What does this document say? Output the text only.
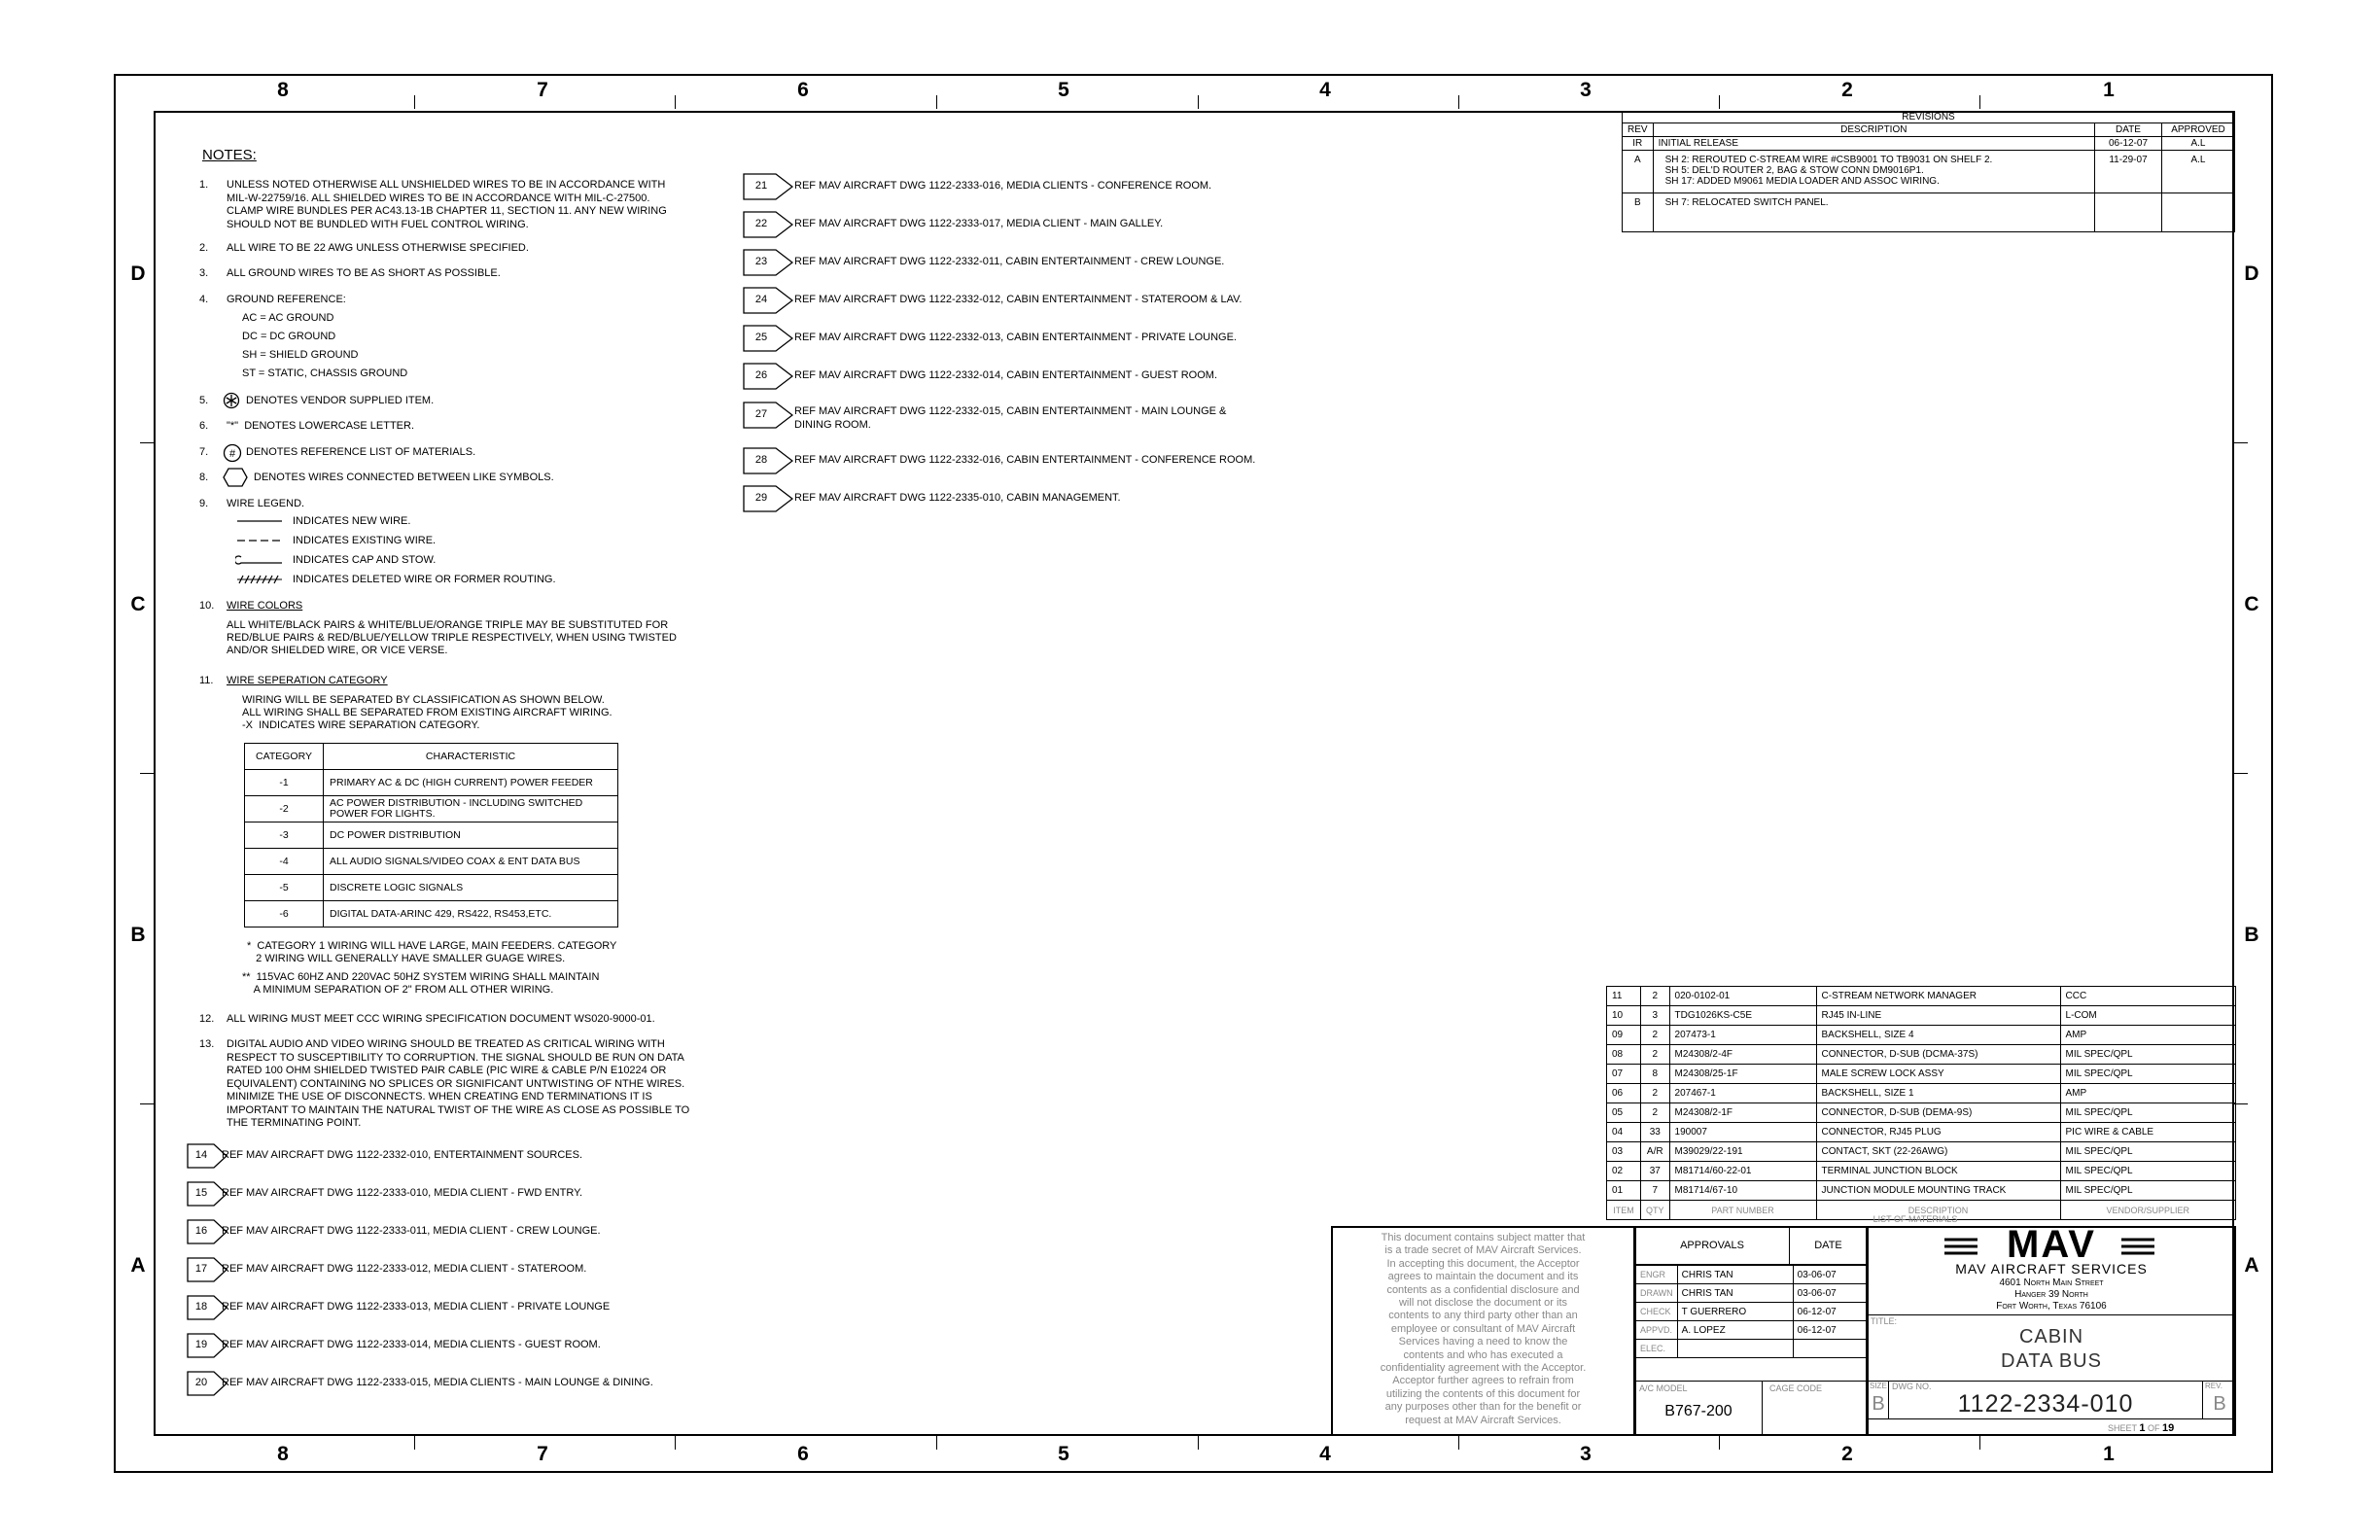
8	7	6	5	4	3	2	1
8	7	6	5	4	3	2	1
D	D
C	C
B	B
A	A
NOTES:
1.	UNLESS NOTED OTHERWISE ALL UNSHIELDED WIRES TO BE IN ACCORDANCE WITH
MIL-W-22759/16. ALL SHIELDED WIRES TO BE IN ACCORDANCE WITH MIL-C-27500.
CLAMP WIRE BUNDLES PER AC43.13-1B CHAPTER 11, SECTION 11. ANY NEW WIRING
SHOULD NOT BE BUNDLED WITH FUEL CONTROL WIRING.
2.	ALL WIRE TO BE 22 AWG UNLESS OTHERWISE SPECIFIED.
3.	ALL GROUND WIRES TO BE AS SHORT AS POSSIBLE.
4.	GROUND REFERENCE:
AC = AC GROUND
DC = DC GROUND
SH = SHIELD GROUND
ST = STATIC, CHASSIS GROUND
5.	DENOTES VENDOR SUPPLIED ITEM.
6.	"*"  DENOTES LOWERCASE LETTER.
7.	# DENOTES REFERENCE LIST OF MATERIALS.
8.	DENOTES WIRES CONNECTED BETWEEN LIKE SYMBOLS.
9.	WIRE LEGEND.
INDICATES NEW WIRE.
INDICATES EXISTING WIRE.
INDICATES CAP AND STOW.
INDICATES DELETED WIRE OR FORMER ROUTING.
10.	WIRE COLORS
ALL WHITE/BLACK PAIRS & WHITE/BLUE/ORANGE TRIPLE MAY BE SUBSTITUTED FOR
RED/BLUE PAIRS & RED/BLUE/YELLOW TRIPLE RESPECTIVELY, WHEN USING TWISTED
AND/OR SHIELDED WIRE, OR VICE VERSE.
11.	WIRE SEPERATION CATEGORY
WIRING WILL BE SEPARATED BY CLASSIFICATION AS SHOWN BELOW.
ALL WIRING SHALL BE SEPARATED FROM EXISTING AIRCRAFT WIRING.
-X  INDICATES WIRE SEPARATION CATEGORY.
CATEGORY	CHARACTERISTIC
-1	PRIMARY AC & DC (HIGH CURRENT) POWER FEEDER
-2	AC POWER DISTRIBUTION - INCLUDING SWITCHED
POWER FOR LIGHTS.
-3	DC POWER DISTRIBUTION
-4	ALL AUDIO SIGNALS/VIDEO COAX & ENT DATA BUS
-5	DISCRETE LOGIC SIGNALS
-6	DIGITAL DATA-ARINC 429, RS422, RS453,ETC.
*  CATEGORY 1 WIRING WILL HAVE LARGE, MAIN FEEDERS. CATEGORY
2 WIRING WILL GENERALLY HAVE SMALLER GUAGE WIRES.
**  115VAC 60HZ AND 220VAC 50HZ SYSTEM WIRING SHALL MAINTAIN
A MINIMUM SEPARATION OF 2" FROM ALL OTHER WIRING.
12.	ALL WIRING MUST MEET CCC WIRING SPECIFICATION DOCUMENT WS020-9000-01.
13.	DIGITAL AUDIO AND VIDEO WIRING SHOULD BE TREATED AS CRITICAL WIRING WITH
RESPECT TO SUSCEPTIBILITY TO CORRUPTION. THE SIGNAL SHOULD BE RUN ON DATA
RATED 100 OHM SHIELDED TWISTED PAIR CABLE (PIC WIRE & CABLE P/N E10224 OR
EQUIVALENT) CONTAINING NO SPLICES OR SIGNIFICANT UNTWISTING OF NTHE WIRES.
MINIMIZE THE USE OF DISCONNECTS. WHEN CREATING END TERMINATIONS IT IS
IMPORTANT TO MAINTAIN THE NATURAL TWIST OF THE WIRE AS CLOSE AS POSSIBLE TO
THE TERMINATING POINT.
14	REF MAV AIRCRAFT DWG 1122-2332-010, ENTERTAINMENT SOURCES.
15	REF MAV AIRCRAFT DWG 1122-2333-010, MEDIA CLIENT - FWD ENTRY.
16	REF MAV AIRCRAFT DWG 1122-2333-011, MEDIA CLIENT - CREW LOUNGE.
17	REF MAV AIRCRAFT DWG 1122-2333-012, MEDIA CLIENT - STATEROOM.
18	REF MAV AIRCRAFT DWG 1122-2333-013, MEDIA CLIENT - PRIVATE LOUNGE
19	REF MAV AIRCRAFT DWG 1122-2333-014, MEDIA CLIENTS - GUEST ROOM.
20	REF MAV AIRCRAFT DWG 1122-2333-015, MEDIA CLIENTS - MAIN LOUNGE & DINING.
21	REF MAV AIRCRAFT DWG 1122-2333-016, MEDIA CLIENTS - CONFERENCE ROOM.
22	REF MAV AIRCRAFT DWG 1122-2333-017, MEDIA CLIENT - MAIN GALLEY.
23	REF MAV AIRCRAFT DWG 1122-2332-011, CABIN ENTERTAINMENT - CREW LOUNGE.
24	REF MAV AIRCRAFT DWG 1122-2332-012, CABIN ENTERTAINMENT - STATEROOM & LAV.
25	REF MAV AIRCRAFT DWG 1122-2332-013, CABIN ENTERTAINMENT - PRIVATE LOUNGE.
26	REF MAV AIRCRAFT DWG 1122-2332-014, CABIN ENTERTAINMENT - GUEST ROOM.
27	REF MAV AIRCRAFT DWG 1122-2332-015, CABIN ENTERTAINMENT - MAIN LOUNGE &
DINING ROOM.
28	REF MAV AIRCRAFT DWG 1122-2332-016, CABIN ENTERTAINMENT - CONFERENCE ROOM.
29	REF MAV AIRCRAFT DWG 1122-2335-010, CABIN MANAGEMENT.
REVISIONS			
REV	DESCRIPTION	DATE	APPROVED
IR	INITIAL RELEASE	06-12-07	A.L
A	SH 2: REROUTED C-STREAM WIRE #CSB9001 TO TB9031 ON SHELF 2.
SH 5: DEL'D ROUTER 2, BAG & STOW CONN DM9016P1.
SH 17: ADDED M9061 MEDIA LOADER AND ASSOC WIRING.	11-29-07	A.L
B	SH 7: RELOCATED SWITCH PANEL.		
11	2	020-0102-01	C-STREAM NETWORK MANAGER	CCC
10	3	TDG1026KS-C5E	RJ45 IN-LINE	L-COM
09	2	207473-1	BACKSHELL, SIZE 4	AMP
08	2	M24308/2-4F	CONNECTOR, D-SUB (DCMA-37S)	MIL SPEC/QPL
07	8	M24308/25-1F	MALE SCREW LOCK ASSY	MIL SPEC/QPL
06	2	207467-1	BACKSHELL, SIZE 1	AMP
05	2	M24308/2-1F	CONNECTOR, D-SUB (DEMA-9S)	MIL SPEC/QPL
04	33	190007	CONNECTOR, RJ45 PLUG	PIC WIRE & CABLE
03	A/R	M39029/22-191	CONTACT, SKT (22-26AWG)	MIL SPEC/QPL
02	37	M81714/60-22-01	TERMINAL JUNCTION BLOCK	MIL SPEC/QPL
01	7	M81714/67-10	JUNCTION MODULE MOUNTING TRACK	MIL SPEC/QPL
ITEM	QTY	PART NUMBER	DESCRIPTION	VENDOR/SUPPLIER
LIST OF MATERIALS
This document contains subject matter that
is a trade secret of MAV Aircraft Services.
In accepting this document, the Acceptor
agrees to maintain the document and its
contents as a confidential disclosure and
will not disclose the document or its
contents to any third party other than an
employee or consultant of MAV Aircraft
Services having a need to know the
contents and who has executed a
confidentiality agreement with the Acceptor.
Acceptor further agrees to refrain from
utilizing the contents of this document for
any purposes other than for the benefit or
request at MAV Aircraft Services.
APPROVALS	DATE
ENGR	CHRIS TAN	03-06-07
DRAWN	CHRIS TAN	03-06-07
CHECK	T GUERRERO	06-12-07
APPVD.	A. LOPEZ	06-12-07
ELEC.		
A/C MODEL
B767-200
CAGE CODE
MAV
MAV AIRCRAFT SERVICES
4601 North Main Street
Hanger 39 North
Fort Worth, Texas 76106
TITLE:
CABIN
DATA BUS
SIZE
B
DWG NO.
1122-2334-010
REV.
B
SHEET 1 OF 19
